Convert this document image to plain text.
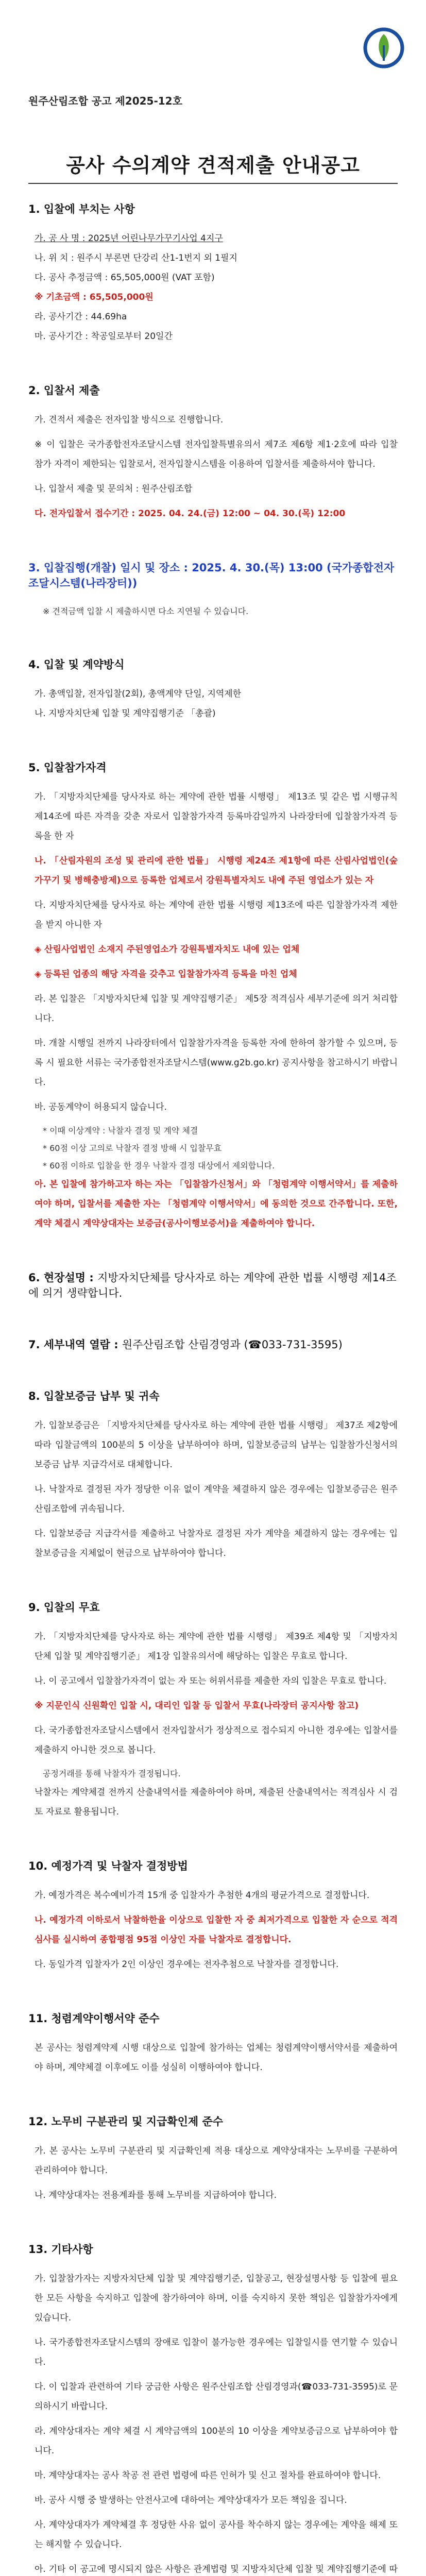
원주산림조합 공고 제2025-12호
공사 수의계약 견적제출 안내공고
1. 입찰에 부치는 사항

가. 공 사 명 : 2025년 어린나무가꾸기사업 4지구

나. 위 치 : 원주시 부론면 단강리 산1-1번지 외 1필지

다. 공사 추정금액 : 65,505,000원 (VAT 포함)

※ 기초금액 : 65,505,000원

라. 공사기간 : 44.69ha

마. 공사기간 : 착공일로부터 20일간

2. 입찰서 제출

가. 견적서 제출은 전자입찰 방식으로 진행합니다.

※ 이 입찰은 국가종합전자조달시스템 전자입찰특별유의서 제7조 제6항 제1·2호에 따라 입찰 참가 자격이 제한되는 입찰로서, 전자입찰시스템을 이용하여 입찰서를 제출하셔야 합니다.

나. 입찰서 제출 및 문의처 : 원주산림조합

다. 전자입찰서 접수기간 : 2025. 04. 24.(금) 12:00 ~ 04. 30.(목) 12:00

3. 입찰집행(개찰) 일시 및 장소 : 2025. 4. 30.(목) 13:00 (국가종합전자조달시스템(나라장터))

※ 견적금액 입찰 시 제출하시면 다소 지연될 수 있습니다.

4. 입찰 및 계약방식

가. 총액입찰, 전자입찰(2회), 총액계약 단일, 지역제한

나. 지방자치단체 입찰 및 계약집행기준 「총괄)

5. 입찰참가자격

가. 「지방자치단체를 당사자로 하는 계약에 관한 법률 시행령」 제13조 및 같은 법 시행규칙 제14조에 따른 자격을 갖춘 자로서 입찰참가자격 등록마감일까지 나라장터에 입찰참가자격 등록을 한 자

나. 「산림자원의 조성 및 관리에 관한 법률」 시행령 제24조 제1항에 따른 산림사업법인(숲가꾸기 및 병해충방제)으로 등록한 업체로서 강원특별자치도 내에 주된 영업소가 있는 자

다. 지방자치단체를 당사자로 하는 계약에 관한 법률 시행령 제13조에 따른 입찰참가자격 제한을 받지 아니한 자

◈ 산림사업법인 소재지 주된영업소가 강원특별자치도 내에 있는 업체

◈ 등록된 업종의 해당 자격을 갖추고 입찰참가자격 등록을 마친 업체

라. 본 입찰은 「지방자치단체 입찰 및 계약집행기준」 제5장 적격심사 세부기준에 의거 처리합니다.

마. 개찰 시행일 전까지 나라장터에서 입찰참가자격을 등록한 자에 한하여 참가할 수 있으며, 등록 시 필요한 서류는 국가종합전자조달시스템(www.g2b.go.kr) 공지사항을 참고하시기 바랍니다.

바. 공동계약이 허용되지 않습니다.

* 이때 이상계약 : 낙찰자 결정 및 계약 체결

* 60점 이상 고의로 낙찰자 결정 방해 시 입찰무효

* 60점 이하로 입찰을 한 경우 낙찰자 결정 대상에서 제외합니다.

아. 본 입찰에 참가하고자 하는 자는 「입찰참가신청서」와 「청렴계약 이행서약서」를 제출하여야 하며, 입찰서를 제출한 자는 「청렴계약 이행서약서」에 동의한 것으로 간주합니다. 또한, 계약 체결시 계약상대자는 보증금(공사이행보증서)을 제출하여야 합니다.

6. 현장설명 : 지방자치단체를 당사자로 하는 계약에 관한 법률 시행령 제14조에 의거 생략합니다.
7. 세부내역 열람 : 원주산림조합 산림경영과 (☎033-731-3595)
8. 입찰보증금 납부 및 귀속

가. 입찰보증금은 「지방자치단체를 당사자로 하는 계약에 관한 법률 시행령」 제37조 제2항에 따라 입찰금액의 100분의 5 이상을 납부하여야 하며, 입찰보증금의 납부는 입찰참가신청서의 보증금 납부 지급각서로 대체합니다.

나. 낙찰자로 결정된 자가 정당한 이유 없이 계약을 체결하지 않은 경우에는 입찰보증금은 원주산림조합에 귀속됩니다.

다. 입찰보증금 지급각서를 제출하고 낙찰자로 결정된 자가 계약을 체결하지 않는 경우에는 입찰보증금을 지체없이 현금으로 납부하여야 합니다.

9. 입찰의 무효

가. 「지방자치단체를 당사자로 하는 계약에 관한 법률 시행령」 제39조 제4항 및 「지방자치단체 입찰 및 계약집행기준」 제1장 입찰유의서에 해당하는 입찰은 무효로 합니다.

나. 이 공고에서 입찰참가자격이 없는 자 또는 허위서류를 제출한 자의 입찰은 무효로 합니다.

※ 지문인식 신원확인 입찰 시, 대리인 입찰 등 입찰서 무효(나라장터 공지사항 참고)

다. 국가종합전자조달시스템에서 전자입찰서가 정상적으로 접수되지 아니한 경우에는 입찰서를 제출하지 아니한 것으로 봅니다.

공정거래를 통해 낙찰자가 결정됩니다.

낙찰자는 계약체결 전까지 산출내역서를 제출하여야 하며, 제출된 산출내역서는 적격심사 시 검토 자료로 활용됩니다.

10. 예정가격 및 낙찰자 결정방법

가. 예정가격은 복수예비가격 15개 중 입찰자가 추첨한 4개의 평균가격으로 결정합니다.

나. 예정가격 이하로서 낙찰하한율 이상으로 입찰한 자 중 최저가격으로 입찰한 자 순으로 적격심사를 실시하여 종합평점 95점 이상인 자를 낙찰자로 결정합니다.

다. 동일가격 입찰자가 2인 이상인 경우에는 전자추첨으로 낙찰자를 결정합니다.

11. 청렴계약이행서약 준수

본 공사는 청렴계약제 시행 대상으로 입찰에 참가하는 업체는 청렴계약이행서약서를 제출하여야 하며, 계약체결 이후에도 이를 성실히 이행하여야 합니다.

12. 노무비 구분관리 및 지급확인제 준수

가. 본 공사는 노무비 구분관리 및 지급확인제 적용 대상으로 계약상대자는 노무비를 구분하여 관리하여야 합니다.

나. 계약상대자는 전용계좌를 통해 노무비를 지급하여야 합니다.

13. 기타사항

가. 입찰참가자는 지방자치단체 입찰 및 계약집행기준, 입찰공고, 현장설명사항 등 입찰에 필요한 모든 사항을 숙지하고 입찰에 참가하여야 하며, 이를 숙지하지 못한 책임은 입찰참가자에게 있습니다.

나. 국가종합전자조달시스템의 장애로 입찰이 불가능한 경우에는 입찰일시를 연기할 수 있습니다.

다. 이 입찰과 관련하여 기타 궁금한 사항은 원주산림조합 산림경영과(☎033-731-3595)로 문의하시기 바랍니다.

라. 계약상대자는 계약 체결 시 계약금액의 100분의 10 이상을 계약보증금으로 납부하여야 합니다.

마. 계약상대자는 공사 착공 전 관련 법령에 따른 인허가 및 신고 절차를 완료하여야 합니다.

바. 공사 시행 중 발생하는 안전사고에 대하여는 계약상대자가 모든 책임을 집니다.

사. 계약상대자가 계약체결 후 정당한 사유 없이 공사를 착수하지 않는 경우에는 계약을 해제 또는 해지할 수 있습니다.

아. 기타 이 공고에 명시되지 않은 사항은 관계법령 및 지방자치단체 입찰 및 계약집행기준에 따
